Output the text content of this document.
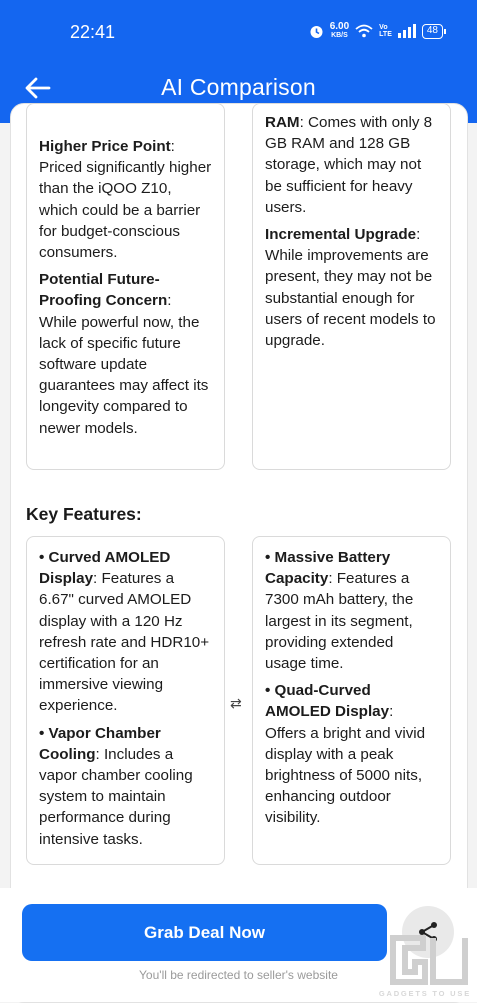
22:41	6.00
KB/S
Vo
LTE	48
AI Comparison

Higher Price Point: Priced significantly higher than the iQOO Z10, which could be a barrier for budget-conscious consumers.

Potential Future-Proofing Concern: While powerful now, the lack of specific future software update guarantees may affect its longevity compared to newer models.

RAM: Comes with only 8 GB RAM and 128 GB storage, which may not be sufficient for heavy users.

Incremental Upgrade: While improvements are present, they may not be substantial enough for users of recent models to upgrade.

Key Features:

• Curved AMOLED Display: Features a 6.67" curved AMOLED display with a 120 Hz refresh rate and HDR10+ certification for an immersive viewing experience.

• Vapor Chamber Cooling: Includes a vapor chamber cooling system to maintain performance during intensive tasks.

⇄

• Massive Battery Capacity: Features a 7300 mAh battery, the largest in its segment, providing extended usage time.

• Quad-Curved AMOLED Display: Offers a bright and vivid display with a peak brightness of 5000 nits, enhancing outdoor visibility.

Grab Deal Now
You'll be redirected to seller's website
GADGETS TO USE
